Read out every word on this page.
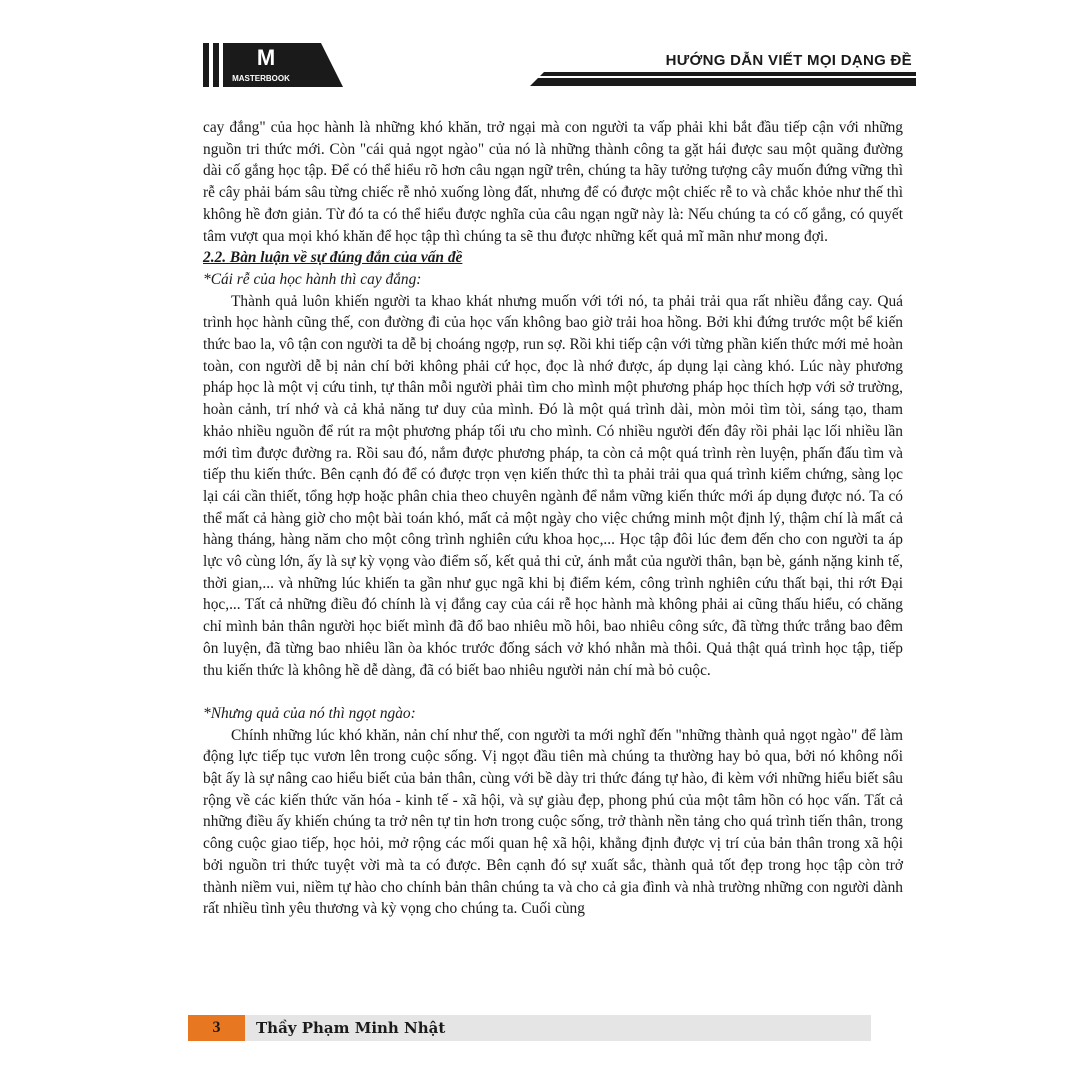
M
MASTERBOOK
HƯỚNG DẪN VIẾT MỌI DẠNG ĐỀ

cay đắng" của học hành là những khó khăn, trở ngại mà con người ta vấp phải khi bắt đầu tiếp cận với những nguồn tri thức mới. Còn "cái quả ngọt ngào" của nó là những thành công ta gặt hái được sau một quãng đường dài cố gắng học tập. Để có thể hiểu rõ hơn câu ngạn ngữ trên, chúng ta hãy tưởng tượng cây muốn đứng vững thì rễ cây phải bám sâu từng chiếc rễ nhỏ xuống lòng đất, nhưng để có được một chiếc rễ to và chắc khỏe như thế thì không hề đơn giản. Từ đó ta có thể hiểu được nghĩa của câu ngạn ngữ này là: Nếu chúng ta có cố gắng, có quyết tâm vượt qua mọi khó khăn để học tập thì chúng ta sẽ thu được những kết quả mĩ mãn như mong đợi.

2.2. Bàn luận về sự đúng đắn của vấn đề

*Cái rễ của học hành thì cay đắng:

Thành quả luôn khiến người ta khao khát nhưng muốn với tới nó, ta phải trải qua rất nhiều đắng cay. Quá trình học hành cũng thế, con đường đi của học vấn không bao giờ trải hoa hồng. Bởi khi đứng trước một bể kiến thức bao la, vô tận con người ta dễ bị choáng ngợp, run sợ. Rồi khi tiếp cận với từng phần kiến thức mới mẻ hoàn toàn, con người dễ bị nản chí bởi không phải cứ học, đọc là nhớ được, áp dụng lại càng khó. Lúc này phương pháp học là một vị cứu tinh, tự thân mỗi người phải tìm cho mình một phương pháp học thích hợp với sở trường, hoàn cảnh, trí nhớ và cả khả năng tư duy của mình. Đó là một quá trình dài, mòn mỏi tìm tòi, sáng tạo, tham khảo nhiều nguồn để rút ra một phương pháp tối ưu cho mình. Có nhiều người đến đây rồi phải lạc lối nhiều lần mới tìm được đường ra. Rồi sau đó, nắm được phương pháp, ta còn cả một quá trình rèn luyện, phấn đấu tìm và tiếp thu kiến thức. Bên cạnh đó để có được trọn vẹn kiến thức thì ta phải trải qua quá trình kiểm chứng, sàng lọc lại cái cần thiết, tổng hợp hoặc phân chia theo chuyên ngành để nắm vững kiến thức mới áp dụng được nó. Ta có thể mất cả hàng giờ cho một bài toán khó, mất cả một ngày cho việc chứng minh một định lý, thậm chí là mất cả hàng tháng, hàng năm cho một công trình nghiên cứu khoa học,... Học tập đôi lúc đem đến cho con người ta áp lực vô cùng lớn, ấy là sự kỳ vọng vào điểm số, kết quả thi cử, ánh mắt của người thân, bạn bè, gánh nặng kinh tế, thời gian,... và những lúc khiến ta gần như gục ngã khi bị điểm kém, công trình nghiên cứu thất bại, thi rớt Đại học,... Tất cả những điều đó chính là vị đắng cay của cái rễ học hành mà không phải ai cũng thấu hiểu, có chăng chỉ mình bản thân người học biết mình đã đổ bao nhiêu mồ hôi, bao nhiêu công sức, đã từng thức trắng bao đêm ôn luyện, đã từng bao nhiêu lần òa khóc trước đống sách vở khó nhằn mà thôi. Quả thật quá trình học tập, tiếp thu kiến thức là không hề dễ dàng, đã có biết bao nhiêu người nản chí mà bỏ cuộc.

*Nhưng quả của nó thì ngọt ngào:

Chính những lúc khó khăn, nản chí như thế, con người ta mới nghĩ đến "những thành quả ngọt ngào" để làm động lực tiếp tục vươn lên trong cuộc sống. Vị ngọt đầu tiên mà chúng ta thường hay bỏ qua, bởi nó không nổi bật ấy là sự nâng cao hiểu biết của bản thân, cùng với bề dày tri thức đáng tự hào, đi kèm với những hiểu biết sâu rộng về các kiến thức văn hóa - kinh tế - xã hội, và sự giàu đẹp, phong phú của một tâm hồn có học vấn. Tất cả những điều ấy khiến chúng ta trở nên tự tin hơn trong cuộc sống, trở thành nền tảng cho quá trình tiến thân, trong công cuộc giao tiếp, học hỏi, mở rộng các mối quan hệ xã hội, khẳng định được vị trí của bản thân trong xã hội bởi nguồn tri thức tuyệt vời mà ta có được. Bên cạnh đó sự xuất sắc, thành quả tốt đẹp trong học tập còn trở thành niềm vui, niềm tự hào cho chính bản thân chúng ta và cho cả gia đình và nhà trường những con người dành rất nhiều tình yêu thương và kỳ vọng cho chúng ta. Cuối cùng

3	Thầy Phạm Minh Nhật
